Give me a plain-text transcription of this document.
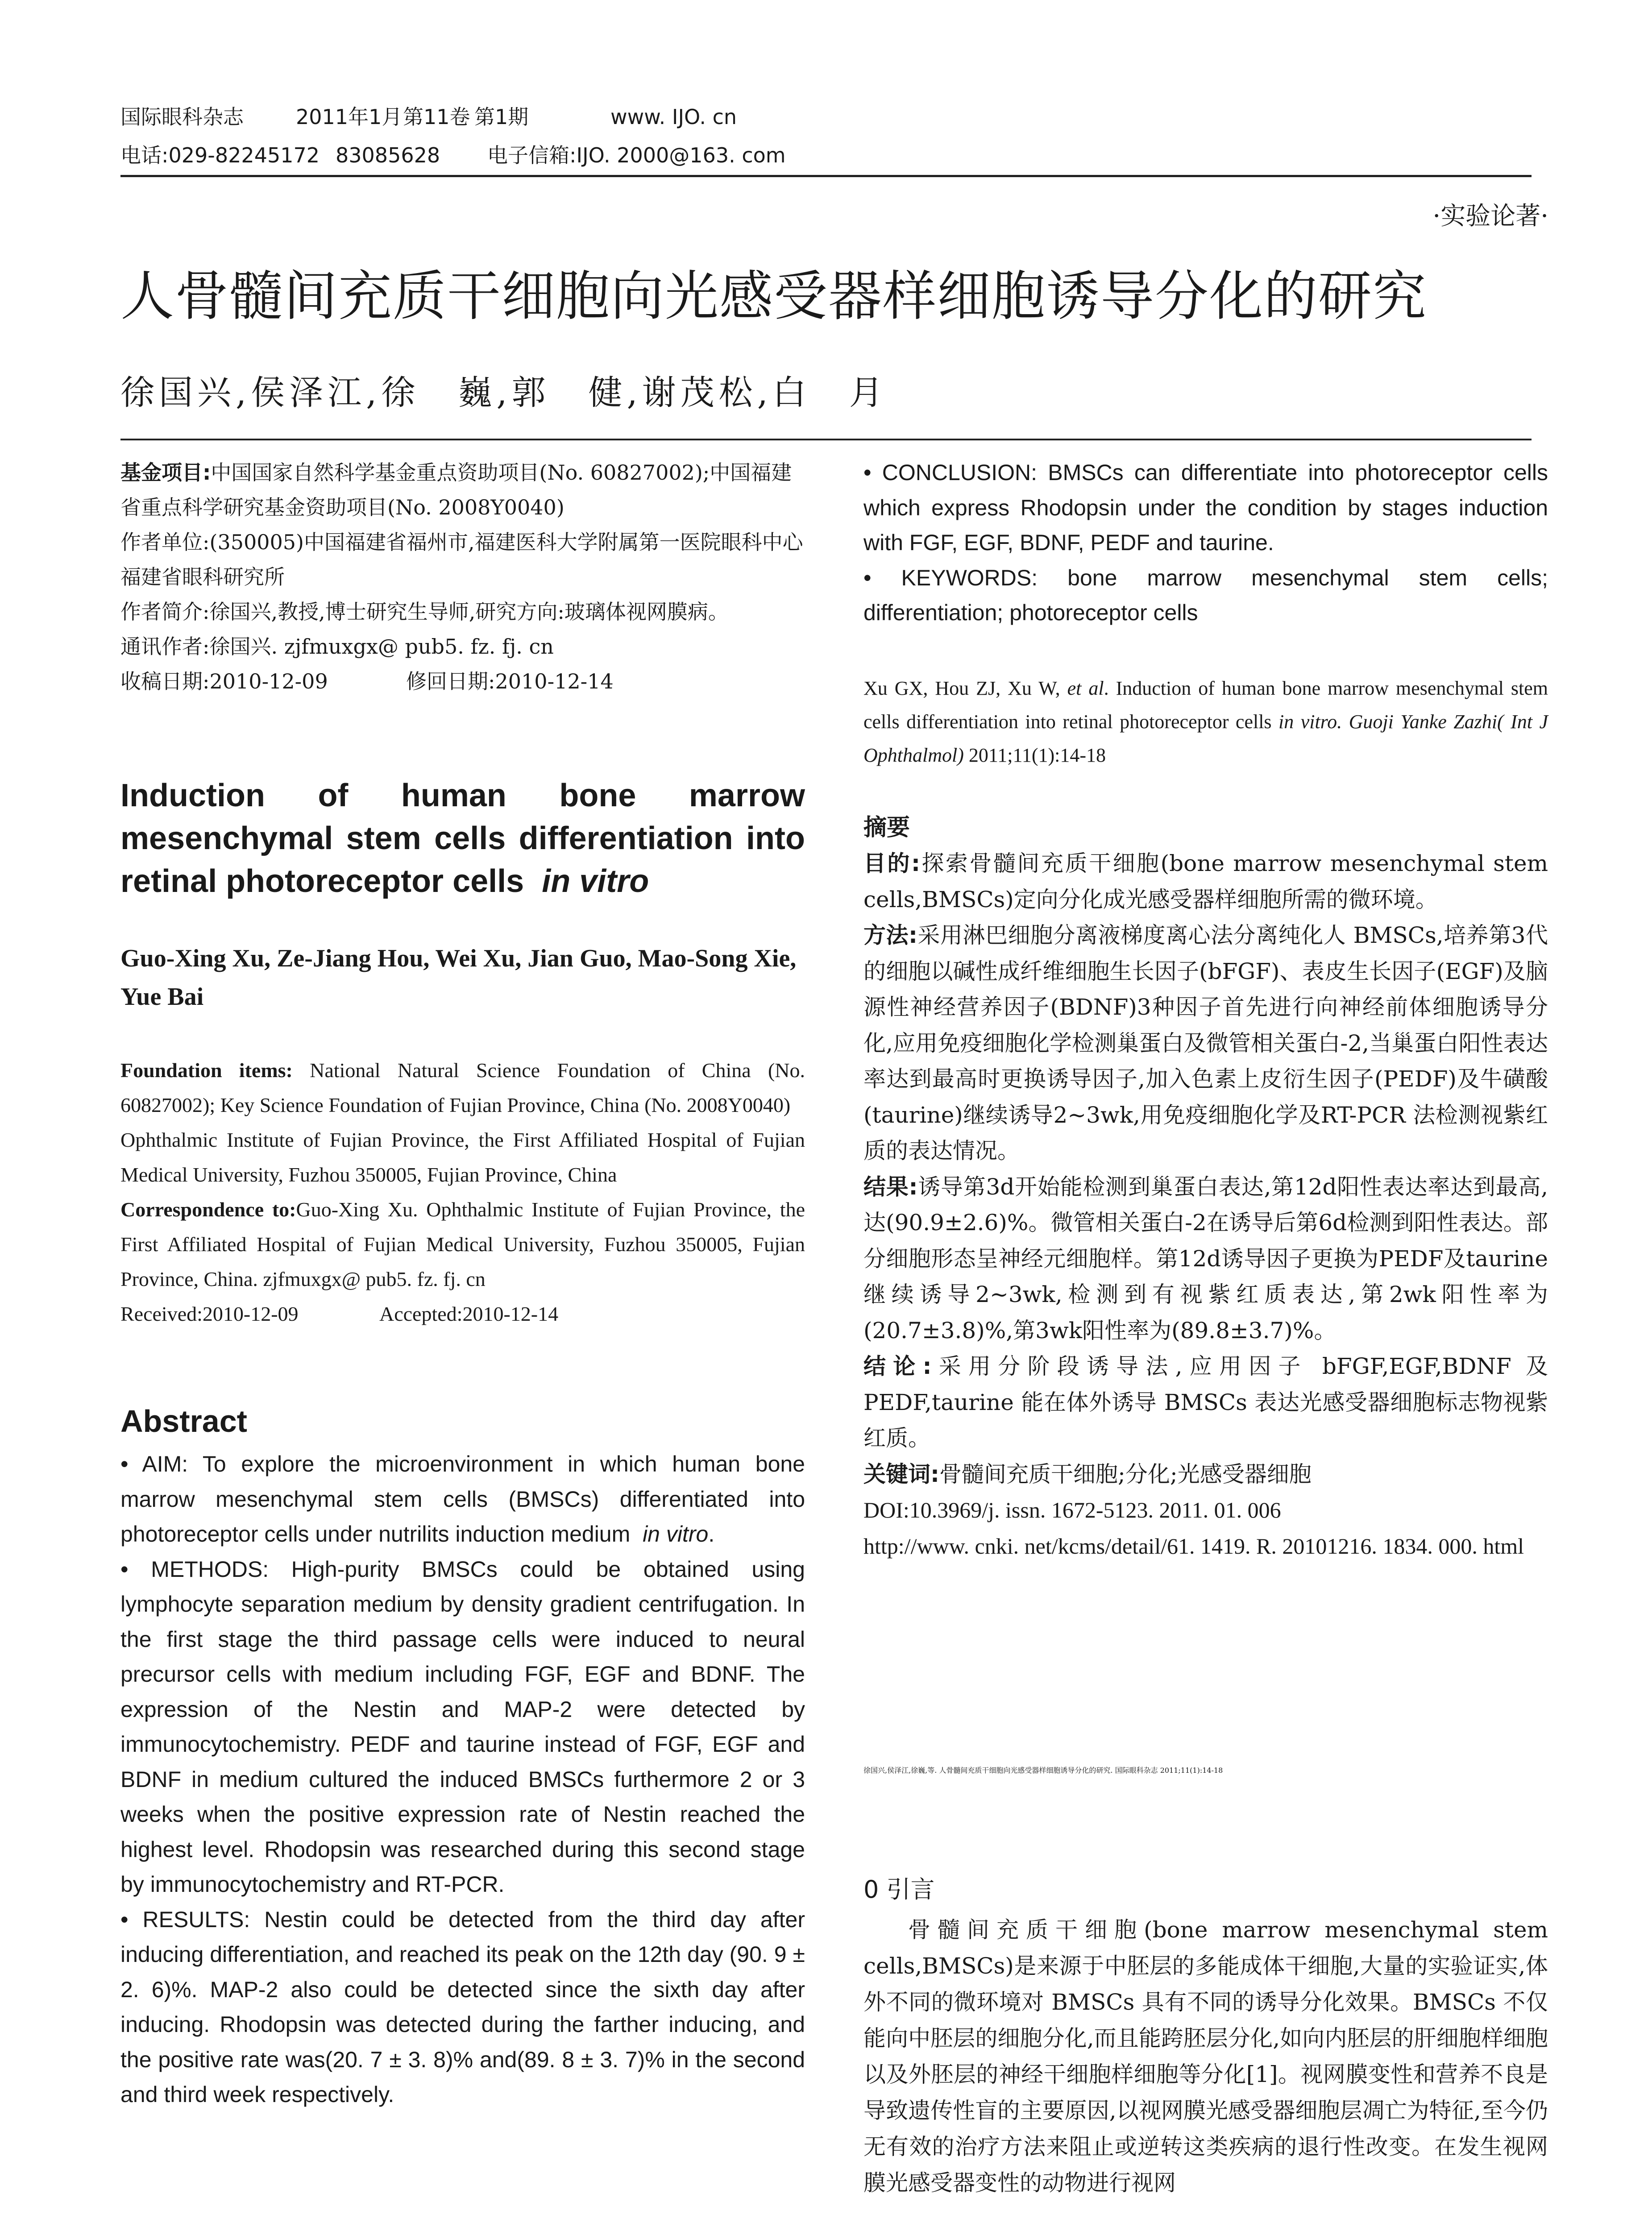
国际眼科杂志	2011年1月第11卷 第1期	www. IJO. cn
电话:029-82245172 83085628 电子信箱:IJO. 2000@163. com
·实验论著·
人骨髓间充质干细胞向光感受器样细胞诱导分化的研究
徐国兴,侯泽江,徐　巍,郭　健,谢茂松,白　月

基金项目:中国国家自然科学基金重点资助项目(No. 60827002);中国福建省重点科学研究基金资助项目(No. 2008Y0040)

作者单位:(350005)中国福建省福州市,福建医科大学附属第一医院眼科中心 福建省眼科研究所

作者简介:徐国兴,教授,博士研究生导师,研究方向:玻璃体视网膜病。

通讯作者:徐国兴. zjfmuxgx@ pub5. fz. fj. cn

收稿日期:2010-12-09	修回日期:2010-12-14

Induction of human bone marrow mesenchymal stem cells differentiation into retinal photoreceptor cells in vitro
Guo-Xing Xu, Ze-Jiang Hou, Wei Xu, Jian Guo, Mao-Song Xie, Yue Bai

Foundation items: National Natural Science Foundation of China (No. 60827002); Key Science Foundation of Fujian Province, China (No. 2008Y0040)

Ophthalmic Institute of Fujian Province, the First Affiliated Hospital of Fujian Medical University, Fuzhou 350005, Fujian Province, China

Correspondence to:Guo-Xing Xu. Ophthalmic Institute of Fujian Province, the First Affiliated Hospital of Fujian Medical University, Fuzhou 350005, Fujian Province, China. zjfmuxgx@ pub5. fz. fj. cn

Received:2010-12-09	Accepted:2010-12-14

Abstract

• AIM: To explore the microenvironment in which human bone marrow mesenchymal stem cells (BMSCs) differentiated into photoreceptor cells under nutrilits induction medium in vitro.

• METHODS: High-purity BMSCs could be obtained using lymphocyte separation medium by density gradient centrifugation. In the first stage the third passage cells were induced to neural precursor cells with medium including FGF, EGF and BDNF. The expression of the Nestin and MAP-2 were detected by immunocytochemistry. PEDF and taurine instead of FGF, EGF and BDNF in medium cultured the induced BMSCs furthermore 2 or 3 weeks when the positive expression rate of Nestin reached the highest level. Rhodopsin was researched during this second stage by immunocytochemistry and RT-PCR.

• RESULTS: Nestin could be detected from the third day after inducing differentiation, and reached its peak on the 12th day (90. 9 ± 2. 6)%. MAP-2 also could be detected since the sixth day after inducing. Rhodopsin was detected during the farther inducing, and the positive rate was(20. 7 ± 3. 8)% and(89. 8 ± 3. 7)% in the second and third week respectively.

• CONCLUSION: BMSCs can differentiate into photoreceptor cells which express Rhodopsin under the condition by stages induction with FGF, EGF, BDNF, PEDF and taurine.

• KEYWORDS: bone marrow mesenchymal stem cells; differentiation; photoreceptor cells

Xu GX, Hou ZJ, Xu W, et al. Induction of human bone marrow mesenchymal stem cells differentiation into retinal photoreceptor cells in vitro. Guoji Yanke Zazhi( Int J Ophthalmol) 2011;11(1):14-18

摘要

目的:探索骨髓间充质干细胞(bone marrow mesenchymal stem cells,BMSCs)定向分化成光感受器样细胞所需的微环境。

方法:采用淋巴细胞分离液梯度离心法分离纯化人 BMSCs,培养第3代的细胞以碱性成纤维细胞生长因子(bFGF)、表皮生长因子(EGF)及脑源性神经营养因子(BDNF)3种因子首先进行向神经前体细胞诱导分化,应用免疫细胞化学检测巢蛋白及微管相关蛋白-2,当巢蛋白阳性表达率达到最高时更换诱导因子,加入色素上皮衍生因子(PEDF)及牛磺酸(taurine)继续诱导2~3wk,用免疫细胞化学及RT-PCR 法检测视紫红质的表达情况。

结果:诱导第3d开始能检测到巢蛋白表达,第12d阳性表达率达到最高,达(90.9±2.6)%。微管相关蛋白-2在诱导后第6d检测到阳性表达。部分细胞形态呈神经元细胞样。第12d诱导因子更换为PEDF及taurine继续诱导2~3wk,检测到有视紫红质表达,第2wk阳性率为(20.7±3.8)%,第3wk阳性率为(89.8±3.7)%。

结论:采用分阶段诱导法,应用因子 bFGF,EGF,BDNF 及 PEDF,taurine 能在体外诱导 BMSCs 表达光感受器细胞标志物视紫红质。

关键词:骨髓间充质干细胞;分化;光感受器细胞

DOI:10.3969/j. issn. 1672-5123. 2011. 01. 006

http://www. cnki. net/kcms/detail/61. 1419. R. 20101216. 1834. 000. html

徐国兴,侯泽江,徐巍,等. 人骨髓间充质干细胞向光感受器样细胞诱导分化的研究. 国际眼科杂志 2011;11(1):14-18
0 引言

骨髓间充质干细胞(bone marrow mesenchymal stem cells,BMSCs)是来源于中胚层的多能成体干细胞,大量的实验证实,体外不同的微环境对 BMSCs 具有不同的诱导分化效果。BMSCs 不仅能向中胚层的细胞分化,而且能跨胚层分化,如向内胚层的肝细胞样细胞以及外胚层的神经干细胞样细胞等分化[1]。视网膜变性和营养不良是导致遗传性盲的主要原因,以视网膜光感受器细胞层凋亡为特征,至今仍无有效的治疗方法来阻止或逆转这类疾病的退行性改变。在发生视网膜光感受器变性的动物进行视网
